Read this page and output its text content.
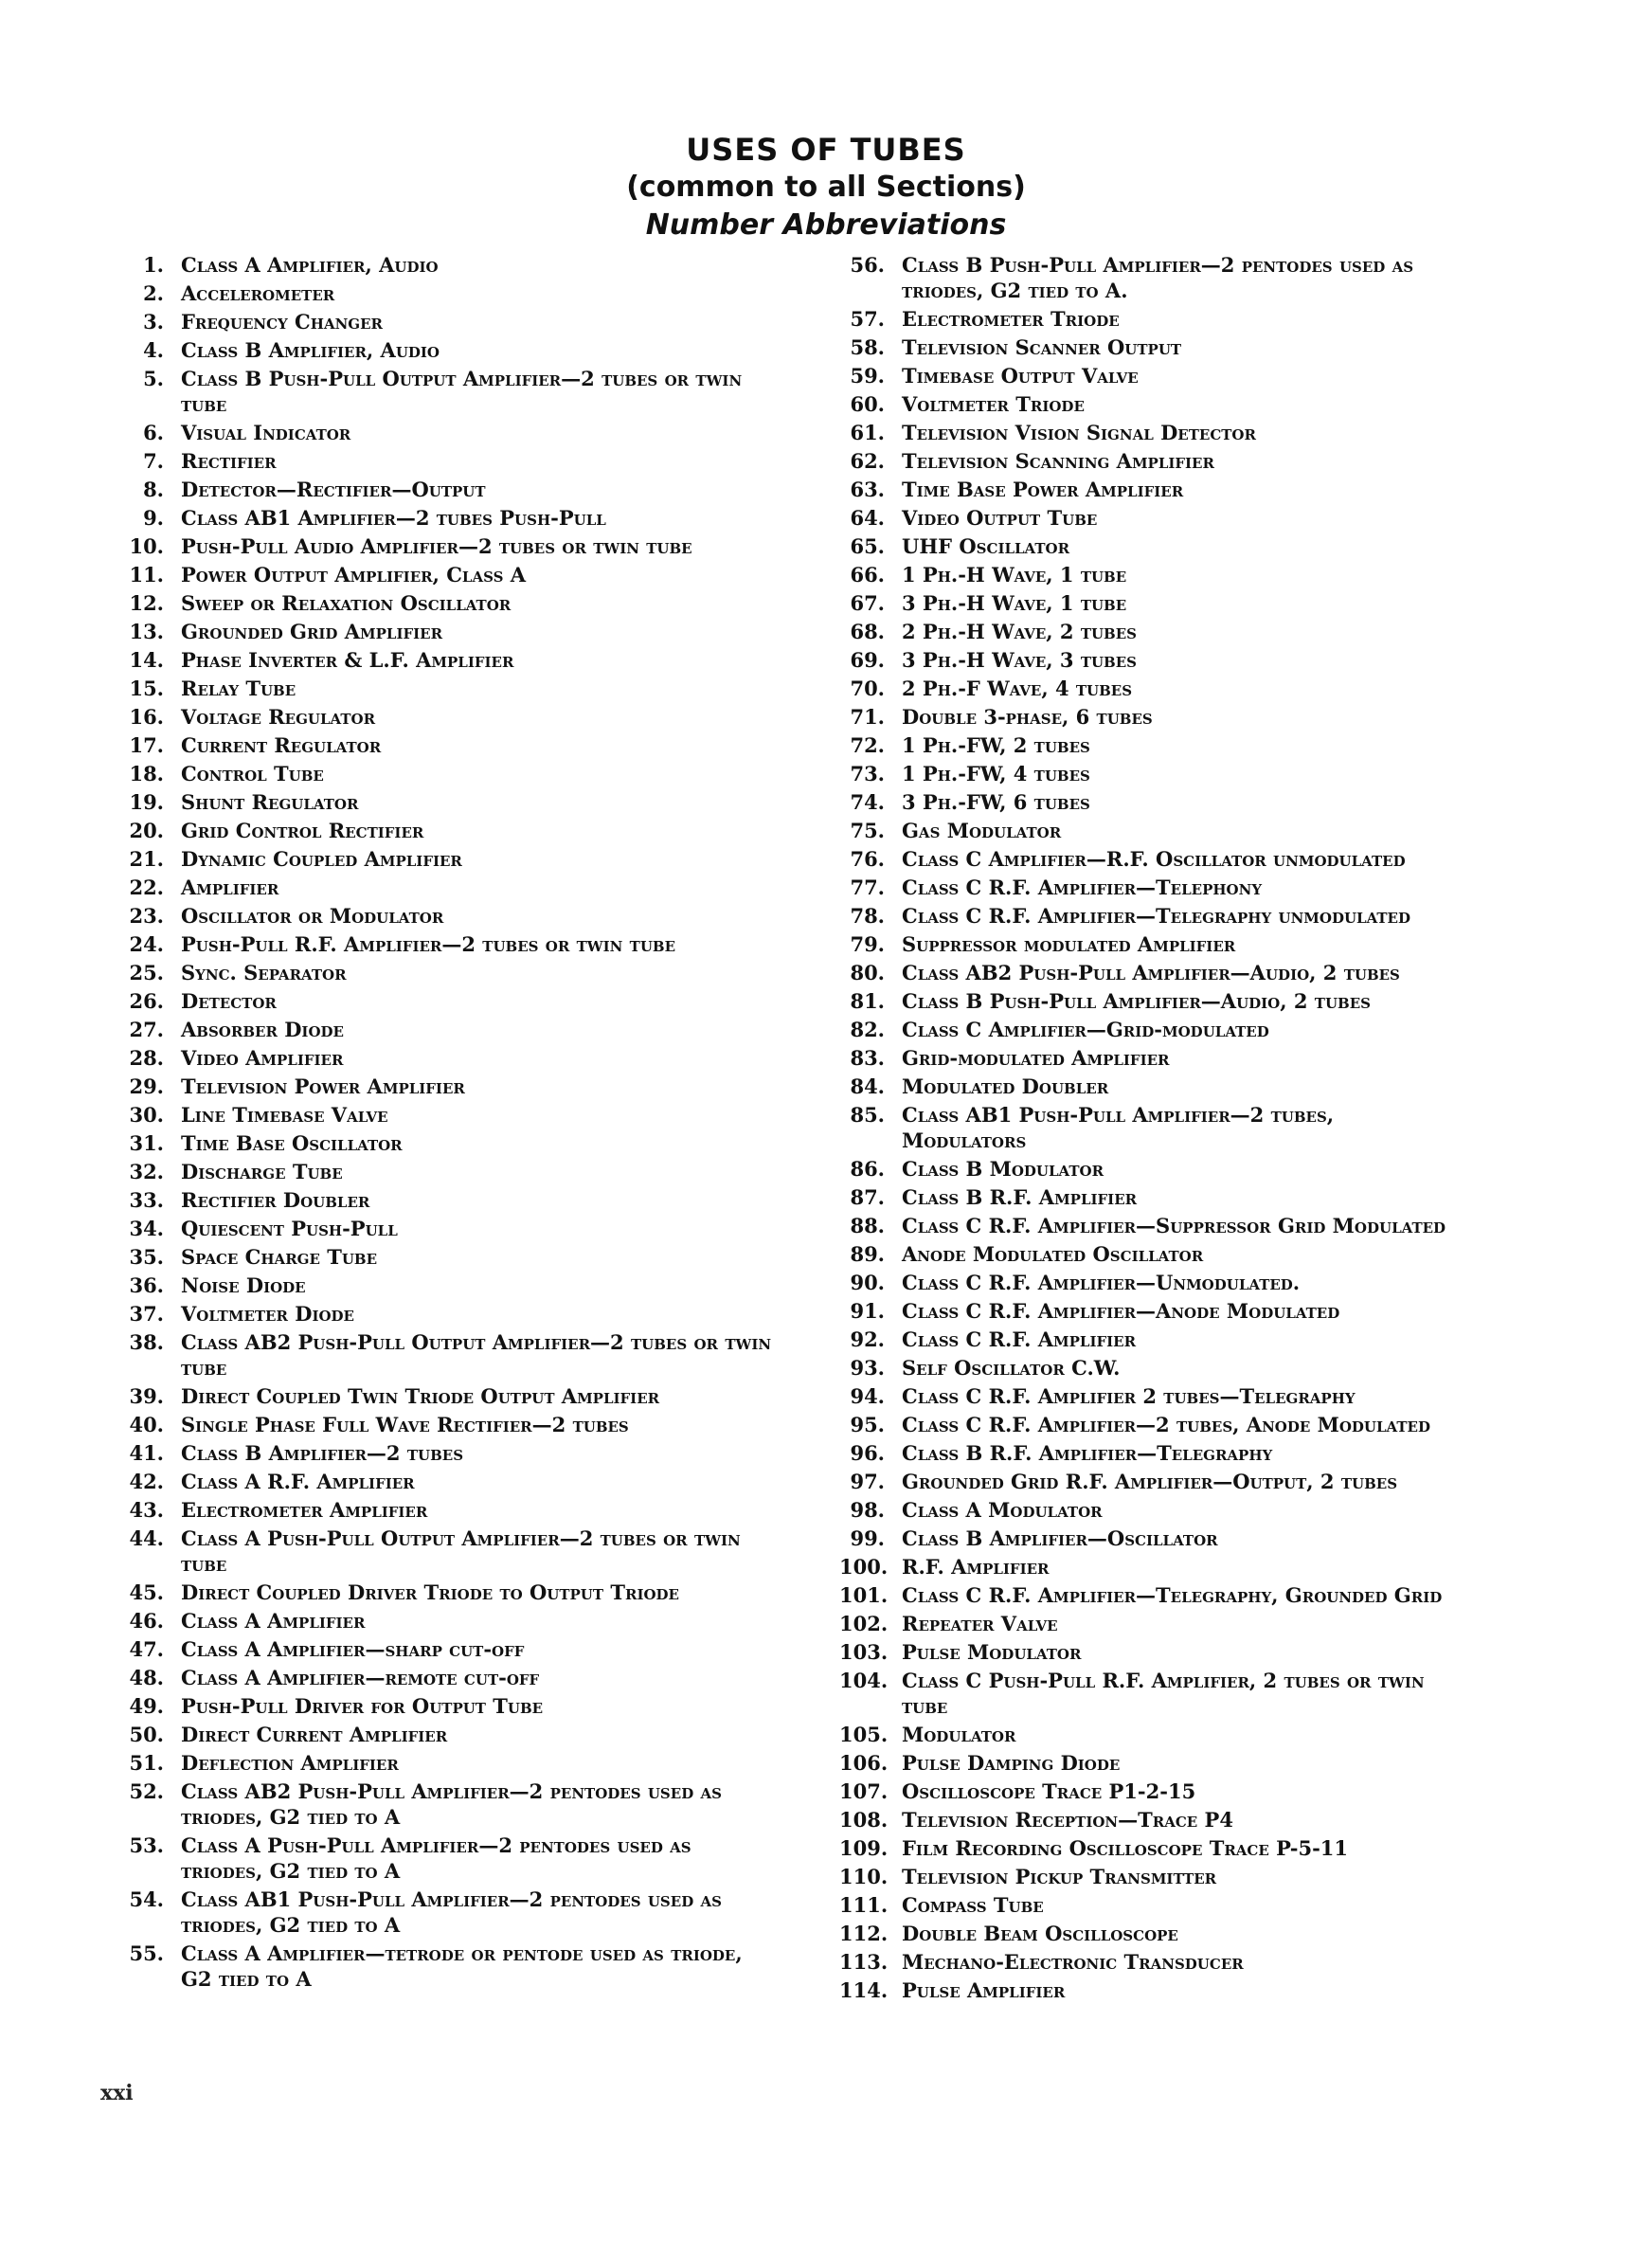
USES OF TUBES
(common to all Sections)
Number Abbreviations
1. Class A Amplifier, Audio
2. Accelerometer
3. Frequency Changer
4. Class B Amplifier, Audio
5. Class B Push-Pull Output Amplifier—2 tubes or twin tube
6. Visual Indicator
7. Rectifier
8. Detector—Rectifier—Output
9. Class AB1 Amplifier—2 tubes Push-Pull
10. Push-Pull Audio Amplifier—2 tubes or twin tube
11. Power Output Amplifier, Class A
12. Sweep or Relaxation Oscillator
13. Grounded Grid Amplifier
14. Phase Inverter & L.F. Amplifier
15. Relay Tube
16. Voltage Regulator
17. Current Regulator
18. Control Tube
19. Shunt Regulator
20. Grid Control Rectifier
21. Dynamic Coupled Amplifier
22. Amplifier
23. Oscillator or Modulator
24. Push-Pull R.F. Amplifier—2 tubes or twin tube
25. Sync. Separator
26. Detector
27. Absorber Diode
28. Video Amplifier
29. Television Power Amplifier
30. Line Timebase Valve
31. Time Base Oscillator
32. Discharge Tube
33. Rectifier Doubler
34. Quiescent Push-Pull
35. Space Charge Tube
36. Noise Diode
37. Voltmeter Diode
38. Class AB2 Push-Pull Output Amplifier—2 tubes or twin tube
39. Direct Coupled Twin Triode Output Amplifier
40. Single Phase Full Wave Rectifier—2 tubes
41. Class B Amplifier—2 tubes
42. Class A R.F. Amplifier
43. Electrometer Amplifier
44. Class A Push-Pull Output Amplifier—2 tubes or twin tube
45. Direct Coupled Driver Triode to Output Triode
46. Class A Amplifier
47. Class A Amplifier—sharp cut-off
48. Class A Amplifier—remote cut-off
49. Push-Pull Driver for Output Tube
50. Direct Current Amplifier
51. Deflection Amplifier
52. Class AB2 Push-Pull Amplifier—2 pentodes used as triodes, G2 tied to A
53. Class A Push-Pull Amplifier—2 pentodes used as triodes, G2 tied to A
54. Class AB1 Push-Pull Amplifier—2 pentodes used as triodes, G2 tied to A
55. Class A Amplifier—tetrode or pentode used as triode, G2 tied to A
56. Class B Push-Pull Amplifier—2 pentodes used as triodes, G2 tied to A.
57. Electrometer Triode
58. Television Scanner Output
59. Timebase Output Valve
60. Voltmeter Triode
61. Television Vision Signal Detector
62. Television Scanning Amplifier
63. Time Base Power Amplifier
64. Video Output Tube
65. UHF Oscillator
66. 1 Ph.-H Wave, 1 tube
67. 3 Ph.-H Wave, 1 tube
68. 2 Ph.-H Wave, 2 tubes
69. 3 Ph.-H Wave, 3 tubes
70. 2 Ph.-F Wave, 4 tubes
71. Double 3-phase, 6 tubes
72. 1 Ph.-FW, 2 tubes
73. 1 Ph.-FW, 4 tubes
74. 3 Ph.-FW, 6 tubes
75. Gas Modulator
76. Class C Amplifier—R.F. Oscillator unmodulated
77. Class C R.F. Amplifier—Telephony
78. Class C R.F. Amplifier—Telegraphy unmodulated
79. Suppressor modulated Amplifier
80. Class AB2 Push-Pull Amplifier—Audio, 2 tubes
81. Class B Push-Pull Amplifier—Audio, 2 tubes
82. Class C Amplifier—Grid-modulated
83. Grid-modulated Amplifier
84. Modulated Doubler
85. Class AB1 Push-Pull Amplifier—2 tubes, Modulators
86. Class B Modulator
87. Class B R.F. Amplifier
88. Class C R.F. Amplifier—Suppressor Grid Modulated
89. Anode Modulated Oscillator
90. Class C R.F. Amplifier—Unmodulated.
91. Class C R.F. Amplifier—Anode Modulated
92. Class C R.F. Amplifier
93. Self Oscillator C.W.
94. Class C R.F. Amplifier 2 tubes—Telegraphy
95. Class C R.F. Amplifier—2 tubes, Anode Modulated
96. Class B R.F. Amplifier—Telegraphy
97. Grounded Grid R.F. Amplifier—Output, 2 tubes
98. Class A Modulator
99. Class B Amplifier—Oscillator
100. R.F. Amplifier
101. Class C R.F. Amplifier—Telegraphy, Grounded Grid
102. Repeater Valve
103. Pulse Modulator
104. Class C Push-Pull R.F. Amplifier, 2 tubes or twin tube
105. Modulator
106. Pulse Damping Diode
107. Oscilloscope Trace P1-2-15
108. Television Reception—Trace P4
109. Film Recording Oscilloscope Trace P-5-11
110. Television Pickup Transmitter
111. Compass Tube
112. Double Beam Oscilloscope
113. Mechano-Electronic Transducer
114. Pulse Amplifier
xxi
